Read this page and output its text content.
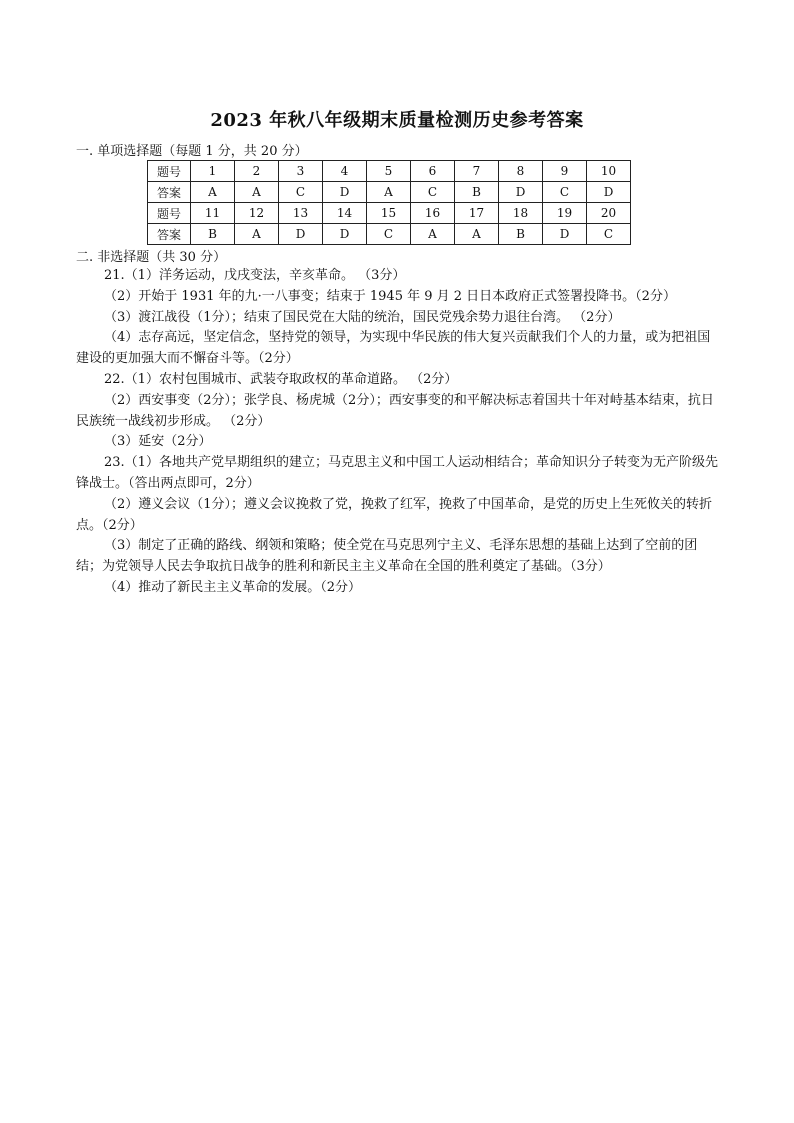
2023 年秋八年级期末质量检测历史参考答案
一. 单项选择题（每题 1 分，共 20 分）
题号	1	2	3	4	5	6	7	8	9	10
答案	A	A	C	D	A	C	B	D	C	D
题号	11	12	13	14	15	16	17	18	19	20
答案	B	A	D	D	C	A	A	B	D	C
二. 非选择题（共 30 分）

21.（1）洋务运动，戊戌变法，辛亥革命。 （3分）

（2）开始于 1931 年的九·一八事变；结束于 1945 年 9 月 2 日日本政府正式签署投降书。（2分）

（3）渡江战役（1分）；结束了国民党在大陆的统治，国民党残余势力退往台湾。 （2分）

（4）志存高远，坚定信念，坚持党的领导，为实现中华民族的伟大复兴贡献我们个人的力量，或为把祖国建设的更加强大而不懈奋斗等。（2分）

22.（1）农村包围城市、武装夺取政权的革命道路。 （2分）

（2）西安事变（2分）；张学良、杨虎城（2分）；西安事变的和平解决标志着国共十年对峙基本结束，抗日民族统一战线初步形成。 （2分）

（3）延安（2分）

23.（1）各地共产党早期组织的建立；马克思主义和中国工人运动相结合；革命知识分子转变为无产阶级先锋战士。（答出两点即可，2分）

（2）遵义会议（1分）；遵义会议挽救了党，挽救了红军，挽救了中国革命，是党的历史上生死攸关的转折点。（2分）

（3）制定了正确的路线、纲领和策略；使全党在马克思列宁主义、毛泽东思想的基础上达到了空前的团结；为党领导人民去争取抗日战争的胜利和新民主主义革命在全国的胜利奠定了基础。（3分）

（4）推动了新民主主义革命的发展。（2分）
